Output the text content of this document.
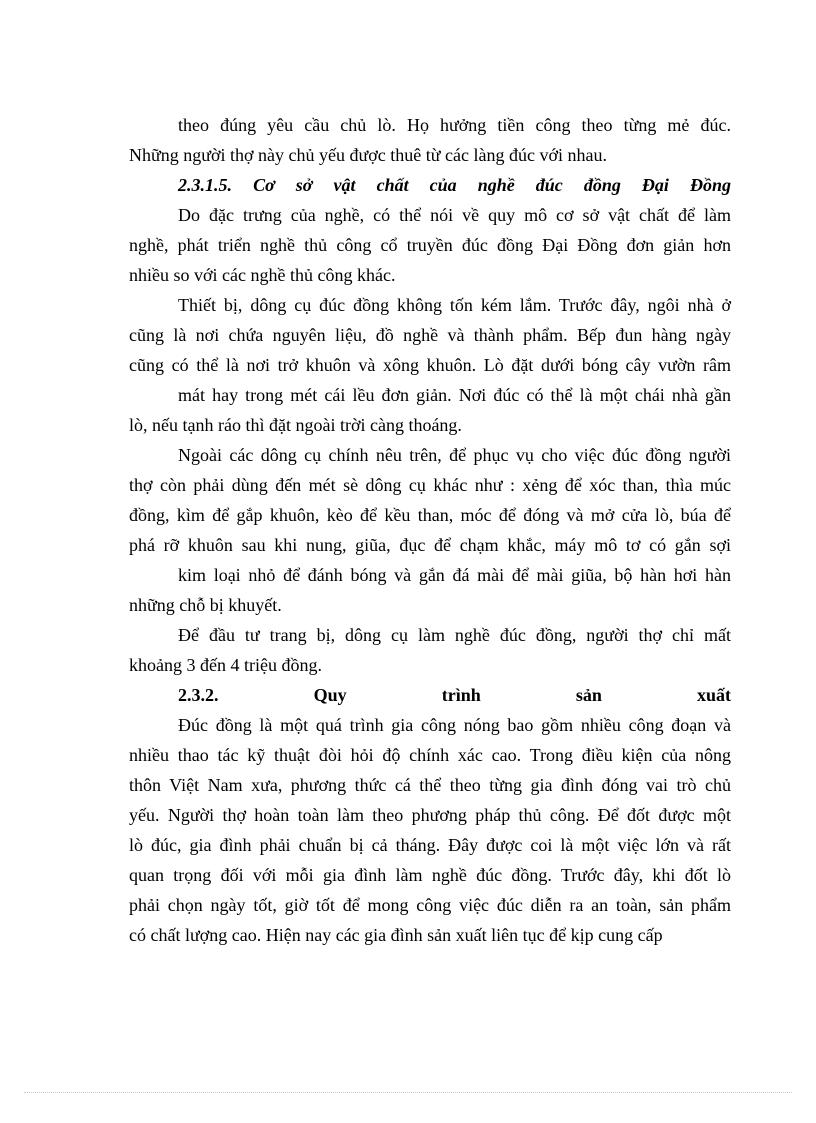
theo đúng yêu cầu chủ lò. Họ hưởng tiền công theo từng mẻ đúc.
Những người thợ này chủ yếu được thuê từ các làng đúc với nhau.
2.3.1.5. Cơ sở vật chất của nghề đúc đồng Đại Đồng
Do đặc trưng của nghề, có thể nói về quy mô cơ sở vật chất để làm
nghề, phát triển nghề thủ công cổ truyền đúc đồng Đại Đồng đơn giản hơn
nhiều so với các nghề thủ công khác.
Thiết bị, dông cụ đúc đồng không tốn kém lắm. Trước đây, ngôi nhà ở
cũng là nơi chứa nguyên liệu, đồ nghề và thành phẩm. Bếp đun hàng ngày
cũng có thể là nơi trở khuôn và xông khuôn. Lò đặt dưới bóng cây vườn râm
mát hay trong mét cái lều đơn giản. Nơi đúc có thể là một chái nhà gần
lò, nếu tạnh ráo thì đặt ngoài trời càng thoáng.
Ngoài các dông cụ chính nêu trên, để phục vụ cho việc đúc đồng người
thợ còn phải dùng đến mét sè dông cụ khác như : xẻng để xóc than, thìa múc
đồng, kìm để gắp khuôn, kèo để kều than, móc để đóng và mở cửa lò, búa để
phá rỡ khuôn sau khi nung, giũa, đục để chạm khắc, máy mô tơ có gắn sợi
kim loại nhỏ để đánh bóng và gắn đá mài để mài giũa, bộ hàn hơi hàn
những chỗ bị khuyết.
Để đầu tư trang bị, dông cụ làm nghề đúc đồng, người thợ chỉ mất
khoảng 3 đến 4 triệu đồng.
2.3.2. Quy trình sản xuất
Đúc đồng là một quá trình gia công nóng bao gồm nhiều công đoạn và
nhiều thao tác kỹ thuật đòi hỏi độ chính xác cao. Trong điều kiện của nông
thôn Việt Nam xưa, phương thức cá thể theo từng gia đình đóng vai trò chủ
yếu. Người thợ hoàn toàn làm theo phương pháp thủ công. Để đốt được một
lò đúc, gia đình phải chuẩn bị cả tháng. Đây được coi là một việc lớn và rất
quan trọng đối với mỗi gia đình làm nghề đúc đồng. Trước đây, khi đốt lò
phải chọn ngày tốt, giờ tốt để mong công việc đúc diễn ra an toàn, sản phẩm
có chất lượng cao. Hiện nay các gia đình sản xuất liên tục để kịp cung cấp
